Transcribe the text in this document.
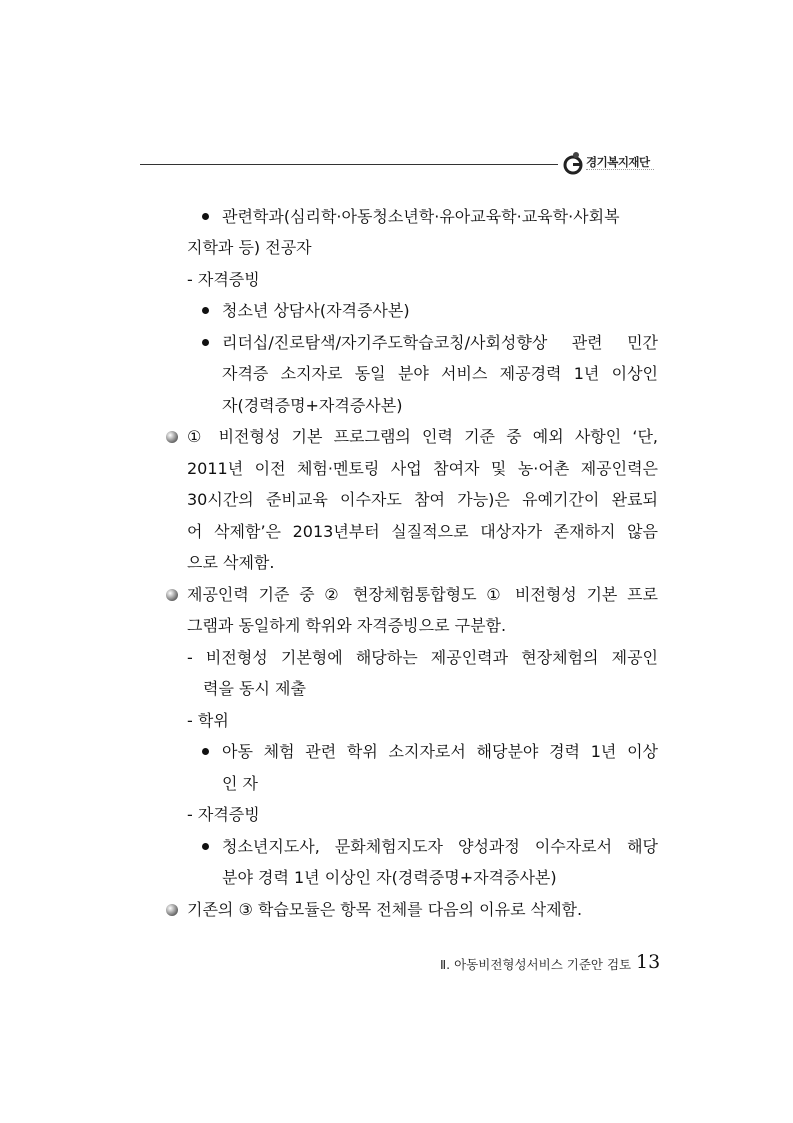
경기복지재단
관련학과(심리학·아동청소년학·유아교육학·교육학·사회복
지학과 등) 전공자
- 자격증빙
청소년 상담사(자격증사본)
리더십/진로탐색/자기주도학습코칭/사회성향상 관련 민간
자격증 소지자로 동일 분야 서비스 제공경력 1년 이상인
자(경력증명+자격증사본)
① 비전형성 기본 프로그램의 인력 기준 중 예외 사항인 ‘단,
2011년 이전 체험·멘토링 사업 참여자 및 농·어촌 제공인력은
30시간의 준비교육 이수자도 참여 가능)은 유예기간이 완료되
어 삭제함’은 2013년부터 실질적으로 대상자가 존재하지 않음
으로 삭제함.
제공인력 기준 중 ② 현장체험통합형도 ① 비전형성 기본 프로
그램과 동일하게 학위와 자격증빙으로 구분함.
- 비전형성 기본형에 해당하는 제공인력과 현장체험의 제공인
력을 동시 제출
- 학위
아동 체험 관련 학위 소지자로서 해당분야 경력 1년 이상
인 자
- 자격증빙
청소년지도사, 문화체험지도자 양성과정 이수자로서 해당
분야 경력 1년 이상인 자(경력증명+자격증사본)
기존의 ③ 학습모듈은 항목 전체를 다음의 이유로 삭제함.
Ⅱ. 아동비전형성서비스 기준안 검토 13
